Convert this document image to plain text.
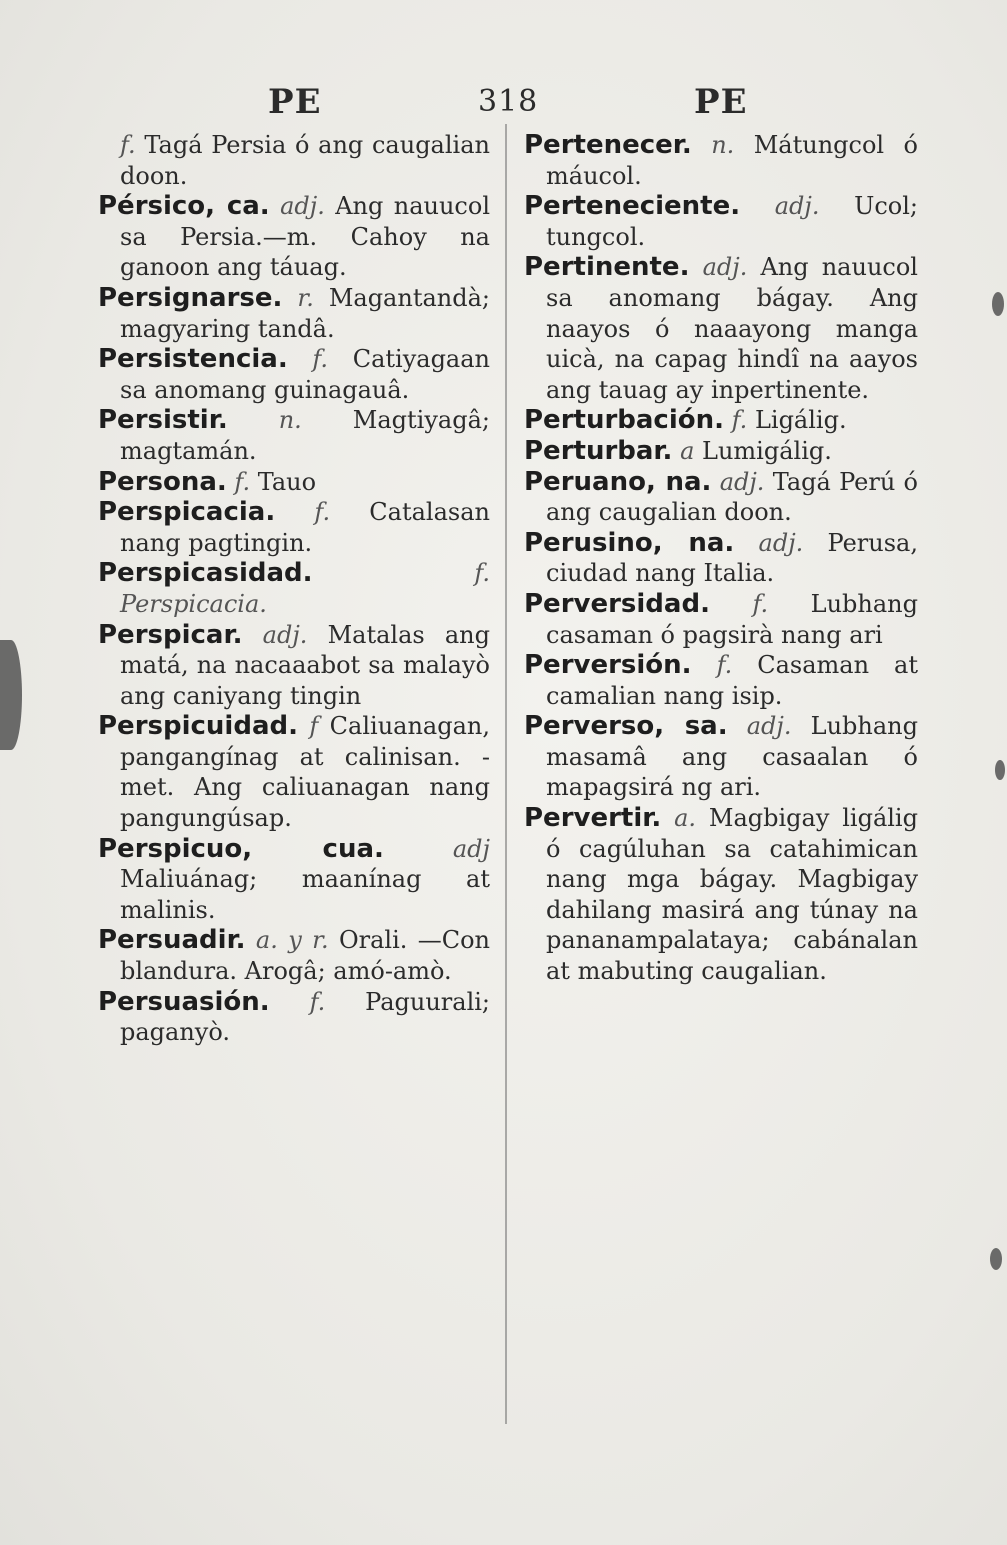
PE	318	PE

f. Tagá Persia ó ang caugalian doon.

Pérsico, ca. adj. Ang nauucol sa Persia.—m. Cahoy na ganoon ang táuag.

Persignarse. r. Magantandà; magyaring tandâ.

Persistencia. f. Catiyagaan sa anomang guinagauâ.

Persistir. n. Magtiyagâ; magtamán.

Persona. f. Tauo

Perspicacia. f. Catalasan nang pagtingin.

Perspicasidad.	f. Perspicacia.

Perspicar. adj. Matalas ang matá, na nacaaabot sa malayò ang caniyang tingin

Perspicuidad. f Caliuanagan, pangangínag at calinisan. - met. Ang caliuanagan nang pangungúsap.

Perspicuo, cua.	adj Maliuánag; maanínag at malinis.

Persuadir. a. y r. Orali. —Con blandura. Arogâ; amó-amò.

Persuasión. f. Paguurali; paganyò.

Pertenecer. n. Mátungcol ó máucol.

Perteneciente. adj. Ucol; tungcol.

Pertinente. adj. Ang nauucol sa anomang bágay. Ang naayos ó naaayong manga uicà, na capag hindî na aayos ang tauag ay inpertinente.

Perturbación. f. Ligálig.

Perturbar. a Lumigálig.

Peruano, na. adj. Tagá Perú ó ang caugalian doon.

Perusino, na. adj. Perusa, ciudad nang Italia.

Perversidad. f. Lubhang casaman ó pagsirà nang ari

Perversión. f. Casaman at camalian nang isip.

Perverso, sa. adj. Lubhang masamâ ang casaalan ó mapagsirá ng ari.

Pervertir. a. Magbigay ligálig ó cagúluhan sa catahimican nang mga bágay. Magbigay dahilang masirá ang túnay na pananampalataya; cabánalan at mabuting caugalian.
